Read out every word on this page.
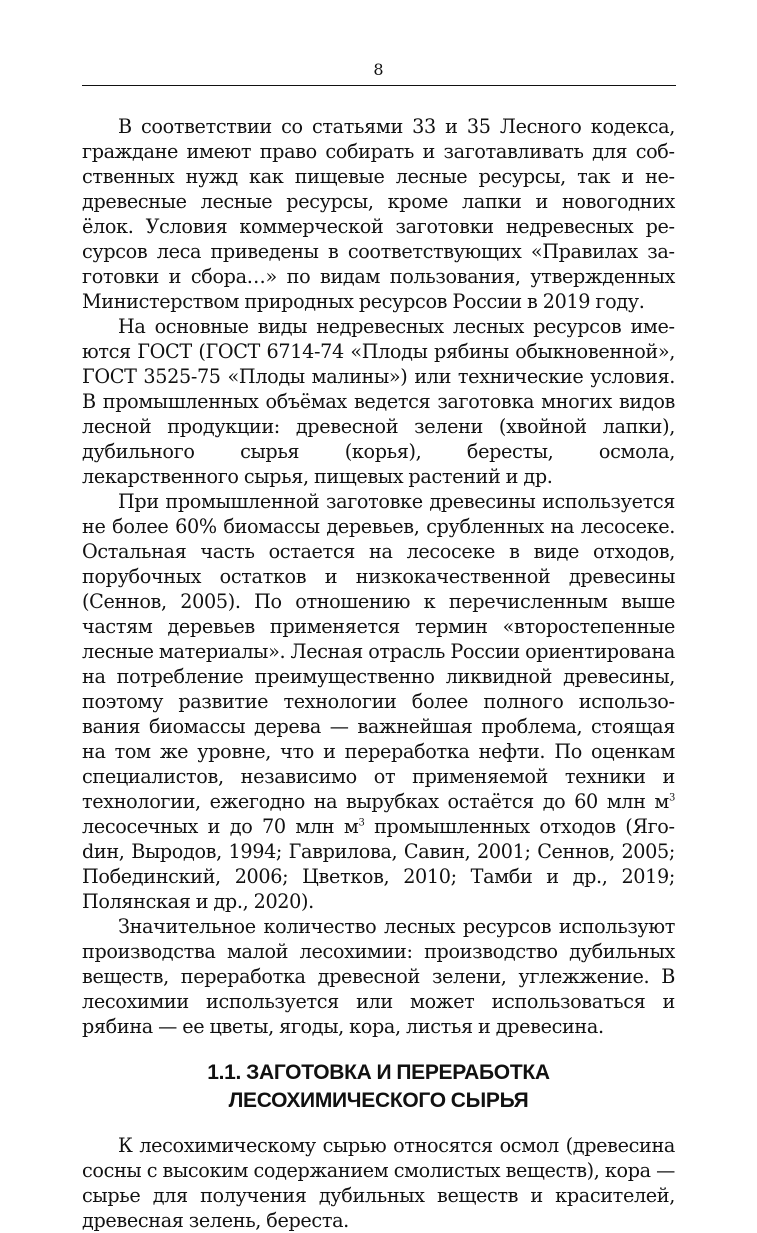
8

В соответствии со статьями 33 и 35 Лесного кодекса, граждане имеют право собирать и заготавливать для собственных нужд как пищевые лесные ресурсы, так и недревесные лесные ресурсы, кроме лапки и новогодних ёлок. Условия коммерческой заготовки недревесных ресурсов леса приведены в соответствующих «Правилах заготовки и сбора…» по видам пользования, утвержденных Министерством природных ресурсов России в 2019 году.

На основные виды недревесных лесных ресурсов имеются ГОСТ (ГОСТ 6714-74 «Плоды рябины обыкновенной», ГОСТ 3525-75 «Плоды малины») или технические условия. В промышленных объёмах ведется заготовка многих видов лесной продукции: древесной зелени (хвойной лапки), дубильного сырья (корья), бересты, осмола, лекарственного сырья, пищевых растений и др.

При промышленной заготовке древесины используется не более 60% биомассы деревьев, срубленных на лесосеке. Остальная часть остается на лесосеке в виде отходов, порубочных остатков и низкокачественной древесины (Сеннов, 2005). По отношению к перечисленным выше частям деревьев применяется термин «второстепенные лесные материалы». Лесная отрасль России ориентирована на потребление преимущественно ликвидной древесины, поэтому развитие технологии более полного использования биомассы дерева — важнейшая проблема, стоящая на том же уровне, что и переработка нефти. По оценкам специалистов, независимо от применяемой техники и технологии, ежегодно на вырубках остаётся до 60 млн $м^3$ лесосечных и до 70 млн $м^3$ промышленных отходов (Ягоdин, Выродов, 1994; Гаврилова, Савин, 2001; Сеннов, 2005; Побединский, 2006; Цветков, 2010; Тамби и др., 2019; Полянская и др., 2020).

Значительное количество лесных ресурсов используют производства малой лесохимии: производство дубильных веществ, переработка древесной зелени, углежжение. В лесохимии используется или может использоваться и рябина — ее цветы, ягоды, кора, листья и древесина.

1.1. ЗАГОТОВКА И ПЕРЕРАБОТКА
ЛЕСОХИМИЧЕСКОГО СЫРЬЯ

К лесохимическому сырью относятся осмол (древесина сосны с высоким содержанием смолистых веществ), кора — сырье для получения дубильных веществ и красителей, древесная зелень, береста.
